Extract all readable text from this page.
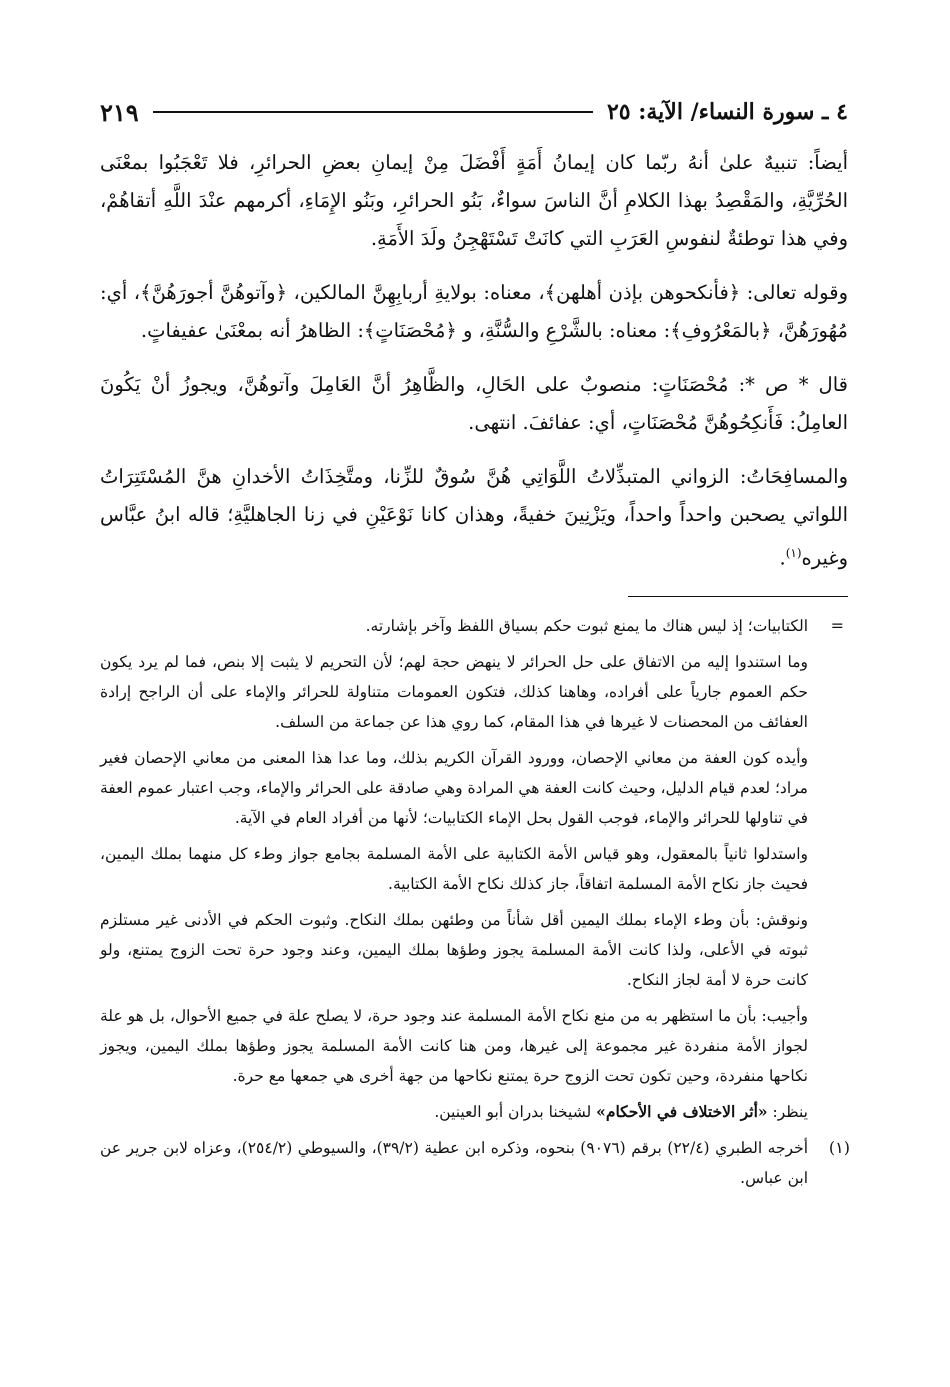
٤ ـ سورة النساء/ الآية: ٢٥
٢١٩

أيضاً: تنبيهٌ علىٰ أنهُ ربّما كان إيمانُ أَمَةٍ أَفْضَلَ مِنْ إيمانِ بعضِ الحرائرِ، فلا تَعْجَبُوا بمعْنَى الحُرِّيَّةِ، والمَقْصِدُ بهذا الكلامِ أنَّ الناسَ سواءٌ، بَنُو الحرائرِ، وبَنُو الإِمَاءِ، أكرمهم عنْدَ اللَّهِ أتقاهُمْ، وفي هذا توطئةٌ لنفوسِ العَرَبِ التي كانَتْ تَسْتَهْجِنُ ولَدَ الأَمَةِ.

وقوله تعالى: ﴿فأنكحوهن بإذن أهلهن﴾، معناه: بولايةِ أربابِهِنَّ المالكين، ﴿وآتوهُنَّ أجورَهُنَّ﴾، أي: مُهُورَهُنَّ، ﴿بالمَعْرُوفِ﴾: معناه: بالشَّرْعِ والسُّنَّةِ، و ﴿مُحْصَنَاتٍ﴾: الظاهرُ أنه بمعْنَىٰ عفيفاتٍ.

قال * ص *: مُحْصَنَاتٍ: منصوبٌ على الحَالِ، والظَّاهِرُ أنَّ العَامِلَ وآتوهُنَّ، ويجوزُ أنْ يَكُونَ العامِلُ: فَأَنكِحُوهُنَّ مُحْصَنَاتٍ، أي: عفائفَ. انتهى.

والمسافِحَاتُ: الزواني المتبذِّلاتُ اللَّوَاتِي هُنَّ سُوقٌ للزِّنا، ومتَّخِذَاتُ الأخدانِ هنَّ المُسْتَتِرَاتُ اللواتي يصحبن واحداً واحداً، ويَزْنِينَ خفيةً، وهذان كانا نَوْعَيْنِ في زنا الجاهليَّةِ؛ قاله ابنُ عبَّاس وغيره$^{(١)}$.

=
الكتابيات؛ إذ ليس هناك ما يمنع ثبوت حكم بسياق اللفظ وآخر بإشارته.

وما استندوا إليه من الاتفاق على حل الحرائر لا ينهض حجة لهم؛ لأن التحريم لا يثبت إلا بنص، فما لم يرد يكون حكم العموم جارياً على أفراده، وهاهنا كذلك، فتكون العمومات متناولة للحرائر والإماء على أن الراجح إرادة العفائف من المحصنات لا غيرها في هذا المقام، كما روي هذا عن جماعة من السلف.

وأيده كون العفة من معاني الإحصان، وورود القرآن الكريم بذلك، وما عدا هذا المعنى من معاني الإحصان فغير مراد؛ لعدم قيام الدليل، وحيث كانت العفة هي المرادة وهي صادقة على الحرائر والإماء، وجب اعتبار عموم العفة في تناولها للحرائر والإماء، فوجب القول بحل الإماء الكتابيات؛ لأنها من أفراد العام في الآية.

واستدلوا ثانياً بالمعقول، وهو قياس الأمة الكتابية على الأمة المسلمة بجامع جواز وطء كل منهما بملك اليمين، فحيث جاز نكاح الأمة المسلمة اتفاقاً، جاز كذلك نكاح الأمة الكتابية.

ونوقش: بأن وطء الإماء بملك اليمين أقل شأناً من وطئهن بملك النكاح. وثبوت الحكم في الأدنى غير مستلزم ثبوته في الأعلى، ولذا كانت الأمة المسلمة يجوز وطؤها بملك اليمين، وعند وجود حرة تحت الزوج يمتنع، ولو كانت حرة لا أمة لجاز النكاح.

وأجيب: بأن ما استظهر به من منع نكاح الأمة المسلمة عند وجود حرة، لا يصلح علة في جميع الأحوال، بل هو علة لجواز الأمة منفردة غير مجموعة إلى غيرها، ومن هنا كانت الأمة المسلمة يجوز وطؤها بملك اليمين، ويجوز نكاحها منفردة، وحين تكون تحت الزوج حرة يمتنع نكاحها من جهة أخرى هي جمعها مع حرة.

ينظر: «أثر الاختلاف في الأحكام» لشيخنا بدران أبو العينين.

(١)
أخرجه الطبري (٢٢/٤) برقم (٩٠٧٦) بنحوه، وذكره ابن عطية (٣٩/٢)، والسيوطي (٢٥٤/٢)، وعزاه لابن جرير عن ابن عباس.
